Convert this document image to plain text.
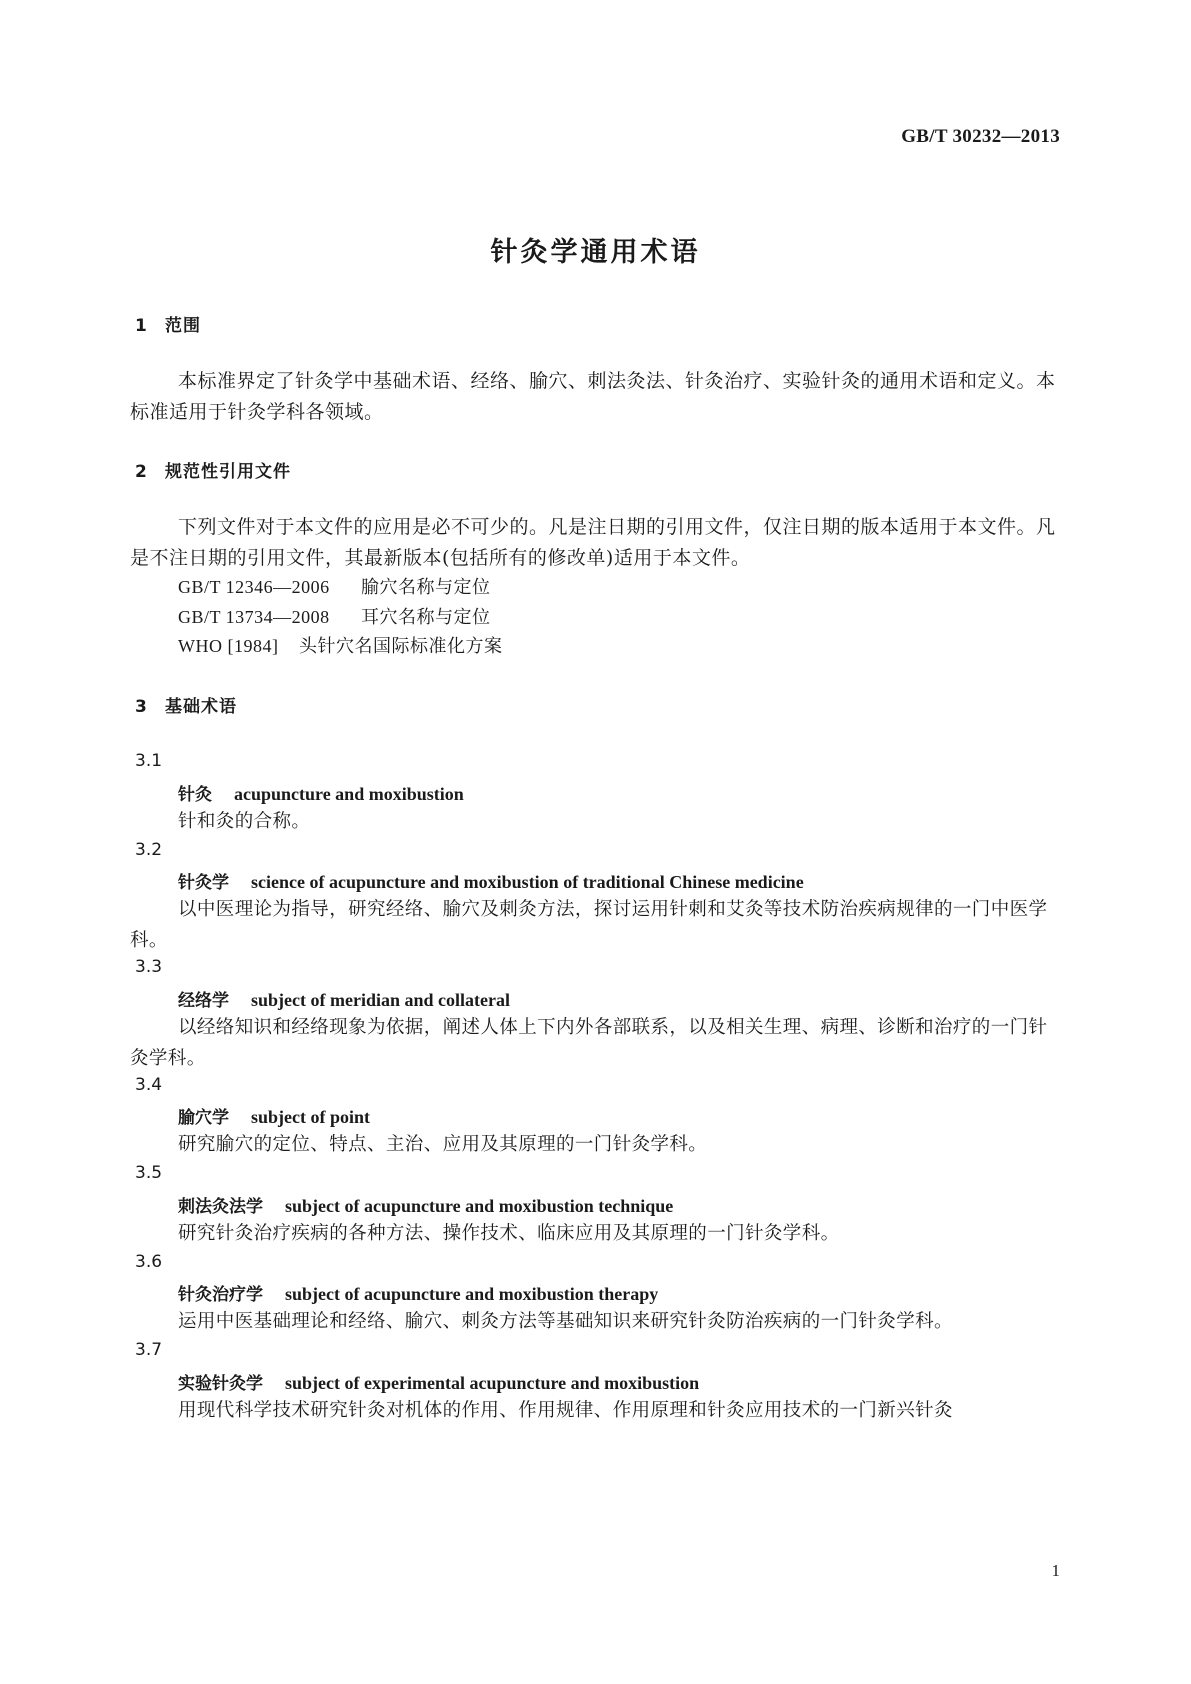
GB/T 30232—2013
针灸学通用术语
1 范围
本标准界定了针灸学中基础术语、经络、腧穴、刺法灸法、针灸治疗、实验针灸的通用术语和定义。本标准适用于针灸学科各领域。
2 规范性引用文件
下列文件对于本文件的应用是必不可少的。凡是注日期的引用文件，仅注日期的版本适用于本文件。凡是不注日期的引用文件，其最新版本(包括所有的修改单)适用于本文件。
GB/T 12346—2006 腧穴名称与定位
GB/T 13734—2008 耳穴名称与定位
WHO [1984] 头针穴名国际标准化方案
3 基础术语
3.1
针灸 acupuncture and moxibustion
针和灸的合称。
3.2
针灸学 science of acupuncture and moxibustion of traditional Chinese medicine
以中医理论为指导，研究经络、腧穴及刺灸方法，探讨运用针刺和艾灸等技术防治疾病规律的一门中医学科。
3.3
经络学 subject of meridian and collateral
以经络知识和经络现象为依据，阐述人体上下内外各部联系，以及相关生理、病理、诊断和治疗的一门针灸学科。
3.4
腧穴学 subject of point
研究腧穴的定位、特点、主治、应用及其原理的一门针灸学科。
3.5
刺法灸法学 subject of acupuncture and moxibustion technique
研究针灸治疗疾病的各种方法、操作技术、临床应用及其原理的一门针灸学科。
3.6
针灸治疗学 subject of acupuncture and moxibustion therapy
运用中医基础理论和经络、腧穴、刺灸方法等基础知识来研究针灸防治疾病的一门针灸学科。
3.7
实验针灸学 subject of experimental acupuncture and moxibustion
用现代科学技术研究针灸对机体的作用、作用规律、作用原理和针灸应用技术的一门新兴针灸
1
